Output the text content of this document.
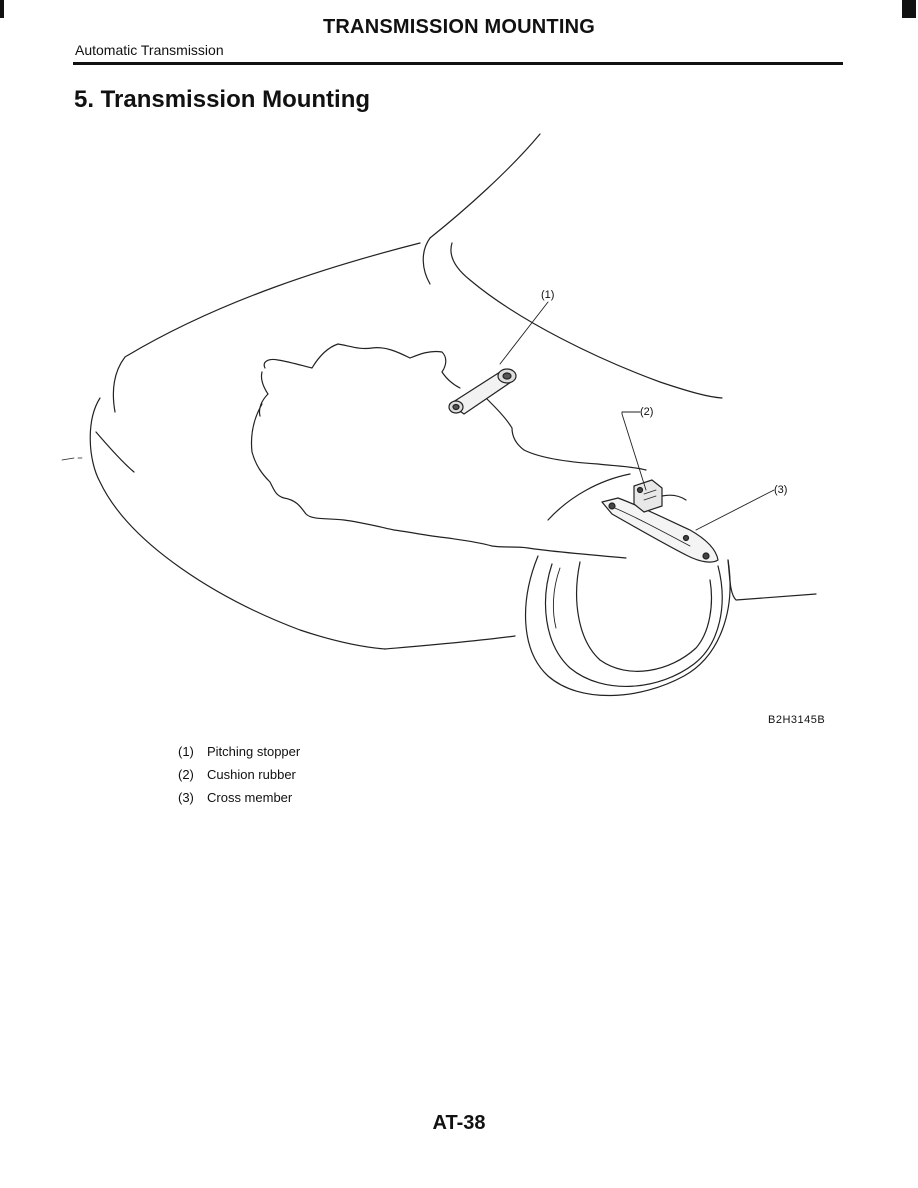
TRANSMISSION MOUNTING
Automatic Transmission
5. Transmission Mounting
(1)
(2)
(3)
B2H3145B
(1)	Pitching stopper
(2)	Cushion rubber
(3)	Cross member
AT-38
